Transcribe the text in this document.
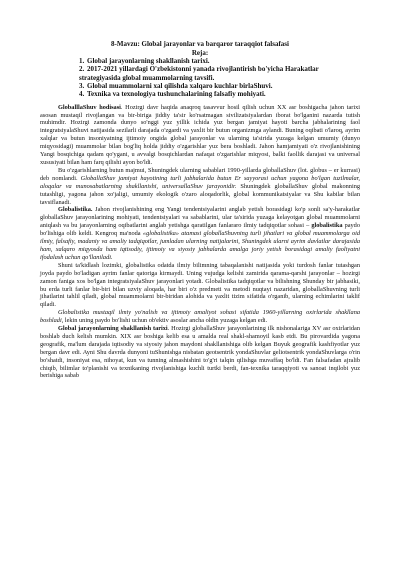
8-Mavzu: Global jarayonlar va barqaror taraqqiot falsafasi

Reja:

1. Global jarayonlarning shakllanish tarixi.
2. 2017-2021 yillardagi O'zbekistonni yanada rivojlantirish bo'yicha Harakatlar strategiyasida global muammolarning tavsifi.
3. Global muammolarni xal qilishda xalqaro kuchlar birlaShuvi.
4. Texnika va texnologiya tushunchalarining falsafiy mohiyati.

GloballlaShuv hodisasi. Hozirgi davr haqida anaqroq tasavvur hosil qilish uchun XX asr boshigacha jahon tarixi asosan mustaqil rivojlangan va bir-biriga jiddiy ta'sir ko'rsatmagan sivilizatsiyalardan iborat bo'lganini nazarda tutish muhimdir. Hozirgi zamonda dunyo so'nggi yuz yillik ichida yuz bergan jamiyat hayoti barcha jabhalarining faol integratsiyalaShuvi natijasida sezilarli darajada o'zgardi va yaxlit bir butun organizmga aylandi. Buning oqibati o'laroq, ayrim xalqlar va butun insoniyatning ijtimoiy ongida global jarayonlar va ularning ta'sirida yuzaga kelgan umumiy (dunyo miqyosidagi) muammolar bilan bog'liq holda jiddiy o'zgarishlar yuz bera boshladi. Jahon hamjamiyati o'z rivojlanishining Yangi bosqichiga qadam qo'ygani, u avvalgi bosqichlardan nafaqat o'zgarishlar miqyosi, balki faollik darajasi va universal xususiyati bilan ham farq qilishi ayon bo'ldi.

Bu o'zgarishlarning butun majmui, Shuningdek ularning sabablari 1990-yillarda globallaShuv (lot. globus – er kurrasi) deb nomlandi. GloballaShuv jamiyat hayotining turli jabhalarida butun Er sayyorasi uchun yagona bo'lgan tuzilmalar, aloqalar va munosabatlarning shakllanishi, universallaShuv jarayonidir. Shuningdek globallaShuv global makonning tutashligi, yagona jahon xo'jaligi, umumiy ekologik o'zaro aloqadorlik, global kommunikatsiyalar va Shu kabilar bilan tavsiflanadi.

Globalistika. Jahon rivojlanishining eng Yangi tendentsiyalarini anglab yetish borasidagi ko'p sonli sa'y-harakatlar globallaShuv jarayonlarining mohiyati, tendentsiyalari va sabablarini, ular ta'sirida yuzaga kelayotgan global muammolarni aniqlash va bu jarayonlarning oqibatlarini anglab yetishga qaratilgan fanlararo ilmiy tadqiqotlar sohasi – globalistika paydo bo'lishiga olib keldi. Kengroq ma'noda «globalistika» atamasi globallaShuvning turli jihatlari va global muammolarga oid ilmiy, falsafiy, madaniy va amaliy tadqiqotlar, jumladan ularning natijalarini, Shuningdek ularni ayrim davlatlar darajasida ham, xalqaro miqyosda ham iqtisodiy, ijtimoiy va siyosiy jabhalarda amalga joriy yetish borasidagi amaliy faoliyatni ifodalash uchun qo'llaniladi.

Shuni ta'kidlash lozimki, globalistika odatda ilmiy bilimning tabaqalanishi natijasida yoki turdosh fanlar tutashgan joyda paydo bo'ladigan ayrim fanlar qatoriga kirmaydi. Uning vujudga kelishi zamirida qarama-qarshi jarayonlar – hozirgi zamon faniga xos bo'lgan integratsiyalaShuv jarayonlari yotadi. Globalistika tadqiqotlar va bilishning Shunday bir jabhasiki, bu erda turli fanlar bir-biri bilan uzviy aloqada, har biri o'z predmeti va metodi nuqtayi nazaridan, globallaShuvning turli jihatlarini tahlil qiladi, global muammolarni bir-biridan alohida va yaxlit tizim sifatida o'rganib, ularning echimlarini taklif qiladi.

Globalistika mustaqil ilmiy yo'nalish va ijtimoiy amaliyot sohasi sifatida 1960-yillarning oxirlarida shakllana boshladi, lekin uning paydo bo'lishi uchun ob'ektiv asoslar ancha oldin yuzaga kelgan edi.

Global jarayonlarning shakllanish tarixi. Hozirgi globallaShuv jarayonlarining ilk nishonalariga XV asr oxirlaridan boshlab duch kelish mumkin. XIX asr boshiga kelib esa u amalda real shakl-shamoyil kasb etdi. Bu pirovardida yagona geografik, ma'lum darajada iqtisodiy va siyosiy jahon maydoni shakllanishiga olib kelgan Buyuk geografik kashfiyotlar yuz bergan davr edi. Ayni Shu davrda dunyoni tuShunishga nisbatan geotsentrik yondaShuvlar geliotsentrik yondaShuvlarga o'rin bo'shatdi, insoniyat esa, nihoyat, kun va tunning almashishini to'g'ri talqin qilishga muvaffaq bo'ldi. Fan falsafadan ajralib chiqib, bilimlar to'planishi va texnikaning rivojlanishiga kuchli turtki berdi, fan-texnika taraqqiyoti va sanoat inqilobi yuz berishiga sabab
